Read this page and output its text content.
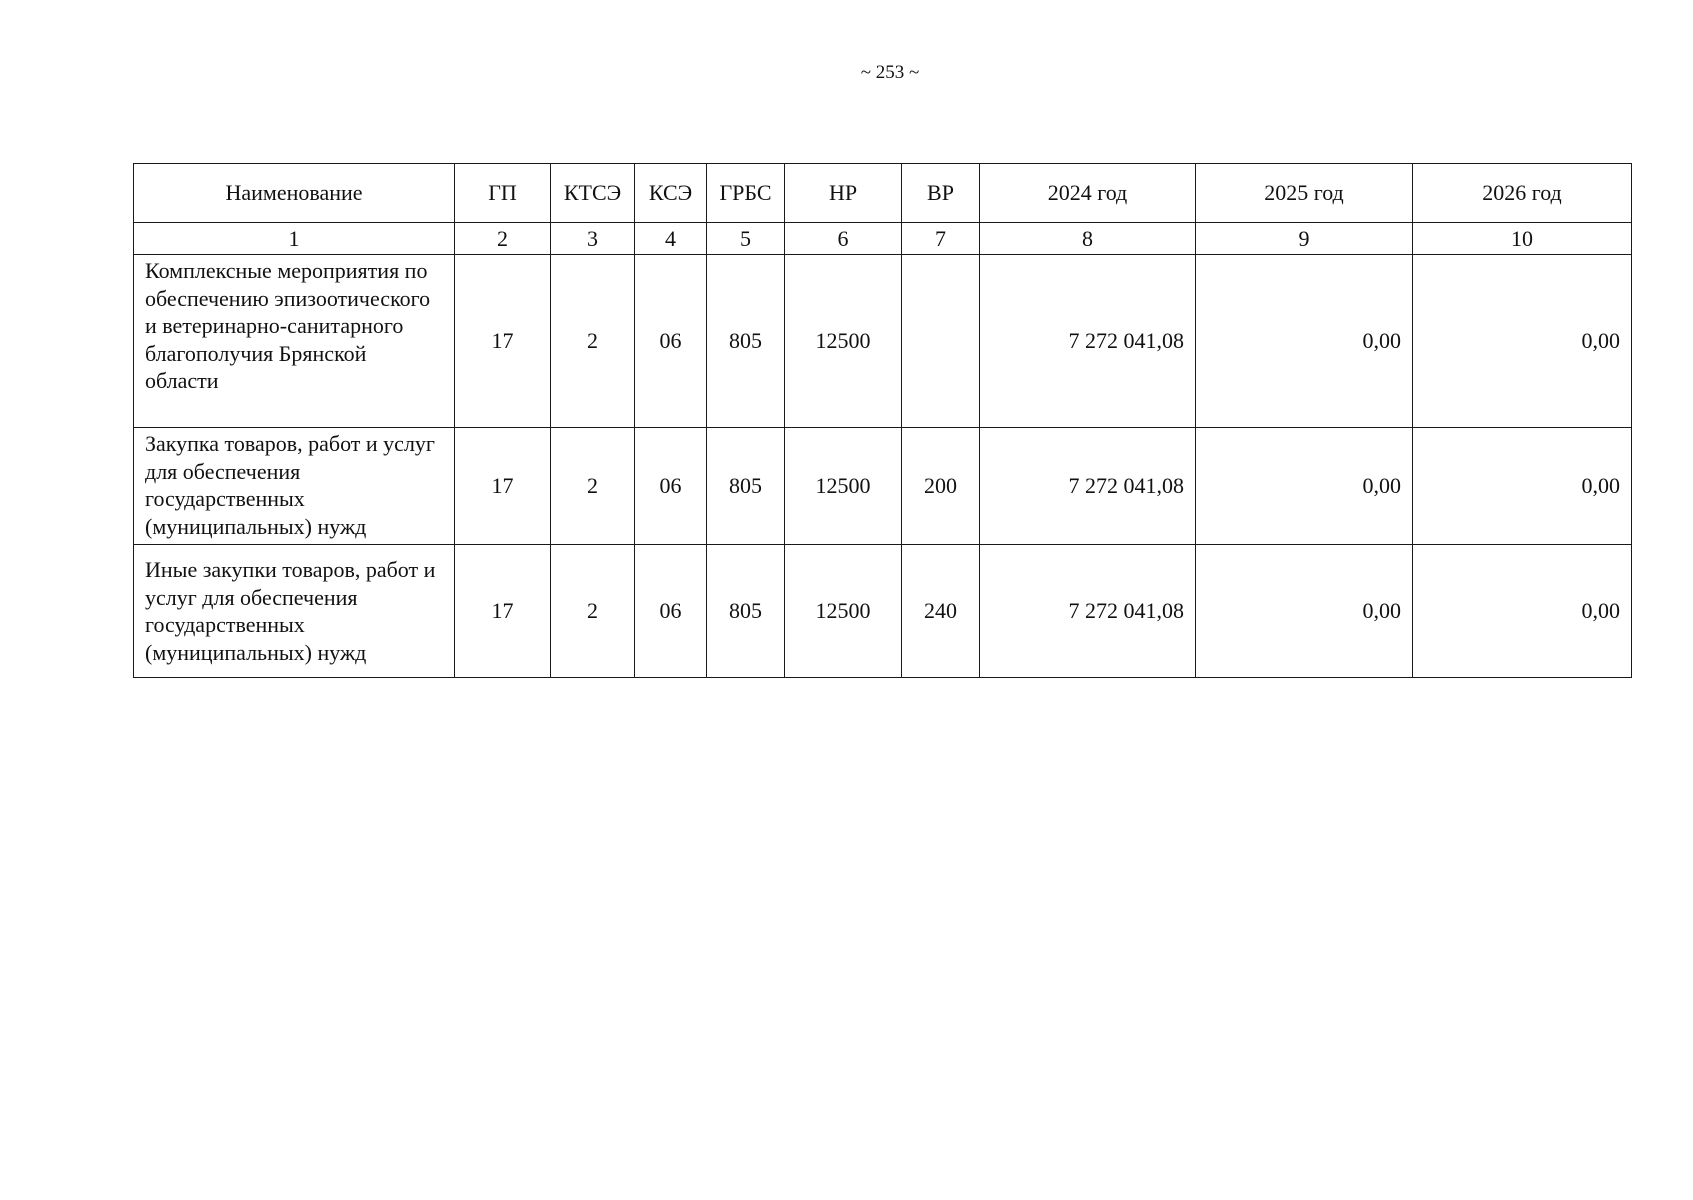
~ 253 ~
Наименование	ГП	КТСЭ	КСЭ	ГРБС	НР	ВР	2024 год	2025 год	2026 год
1	2	3	4	5	6	7	8	9	10
Комплексные мероприятия по обеспечению эпизоотического и ветеринарно-санитарного благополучия Брянской области	17	2	06	805	12500		7 272 041,08	0,00	0,00
Закупка товаров, работ и услуг для обеспечения государственных (муниципальных) нужд	17	2	06	805	12500	200	7 272 041,08	0,00	0,00
Иные закупки товаров, работ и услуг для обеспечения государственных (муниципальных) нужд	17	2	06	805	12500	240	7 272 041,08	0,00	0,00
